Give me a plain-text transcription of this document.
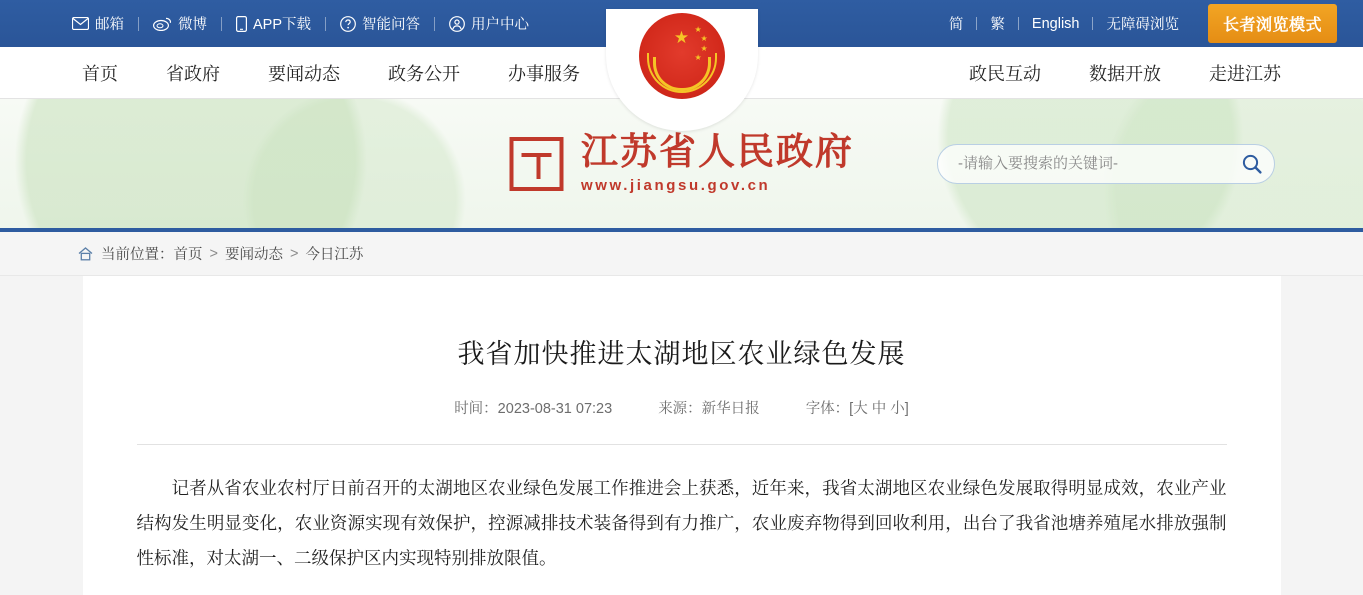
邮箱	微博	APP下载	智能问答	用户中心	简	繁	English	无障碍浏览	长者浏览模式
首页	省政府	要闻动态	政务公开	办事服务
★ ★
★
★
★
政民互动	数据开放	走进江苏
江苏省人民政府
www.jiangsu.gov.cn
-请输入要搜索的关键词-
当前位置： 首页 > 要闻动态 > 今日江苏
我省加快推进太湖地区农业绿色发展
时间：2023-08-31 07:23	来源：新华日报	字体：[大 中 小]

记者从省农业农村厅日前召开的太湖地区农业绿色发展工作推进会上获悉，近年来，我省太湖地区农业绿色发展取得明显成效，农业产业结构发生明显变化，农业资源实现有效保护，控源减排技术装备得到有力推广，农业废弃物得到回收利用，出台了我省池塘养殖尾水排放强制性标准，对太湖一、二级保护区内实现特别排放限值。
